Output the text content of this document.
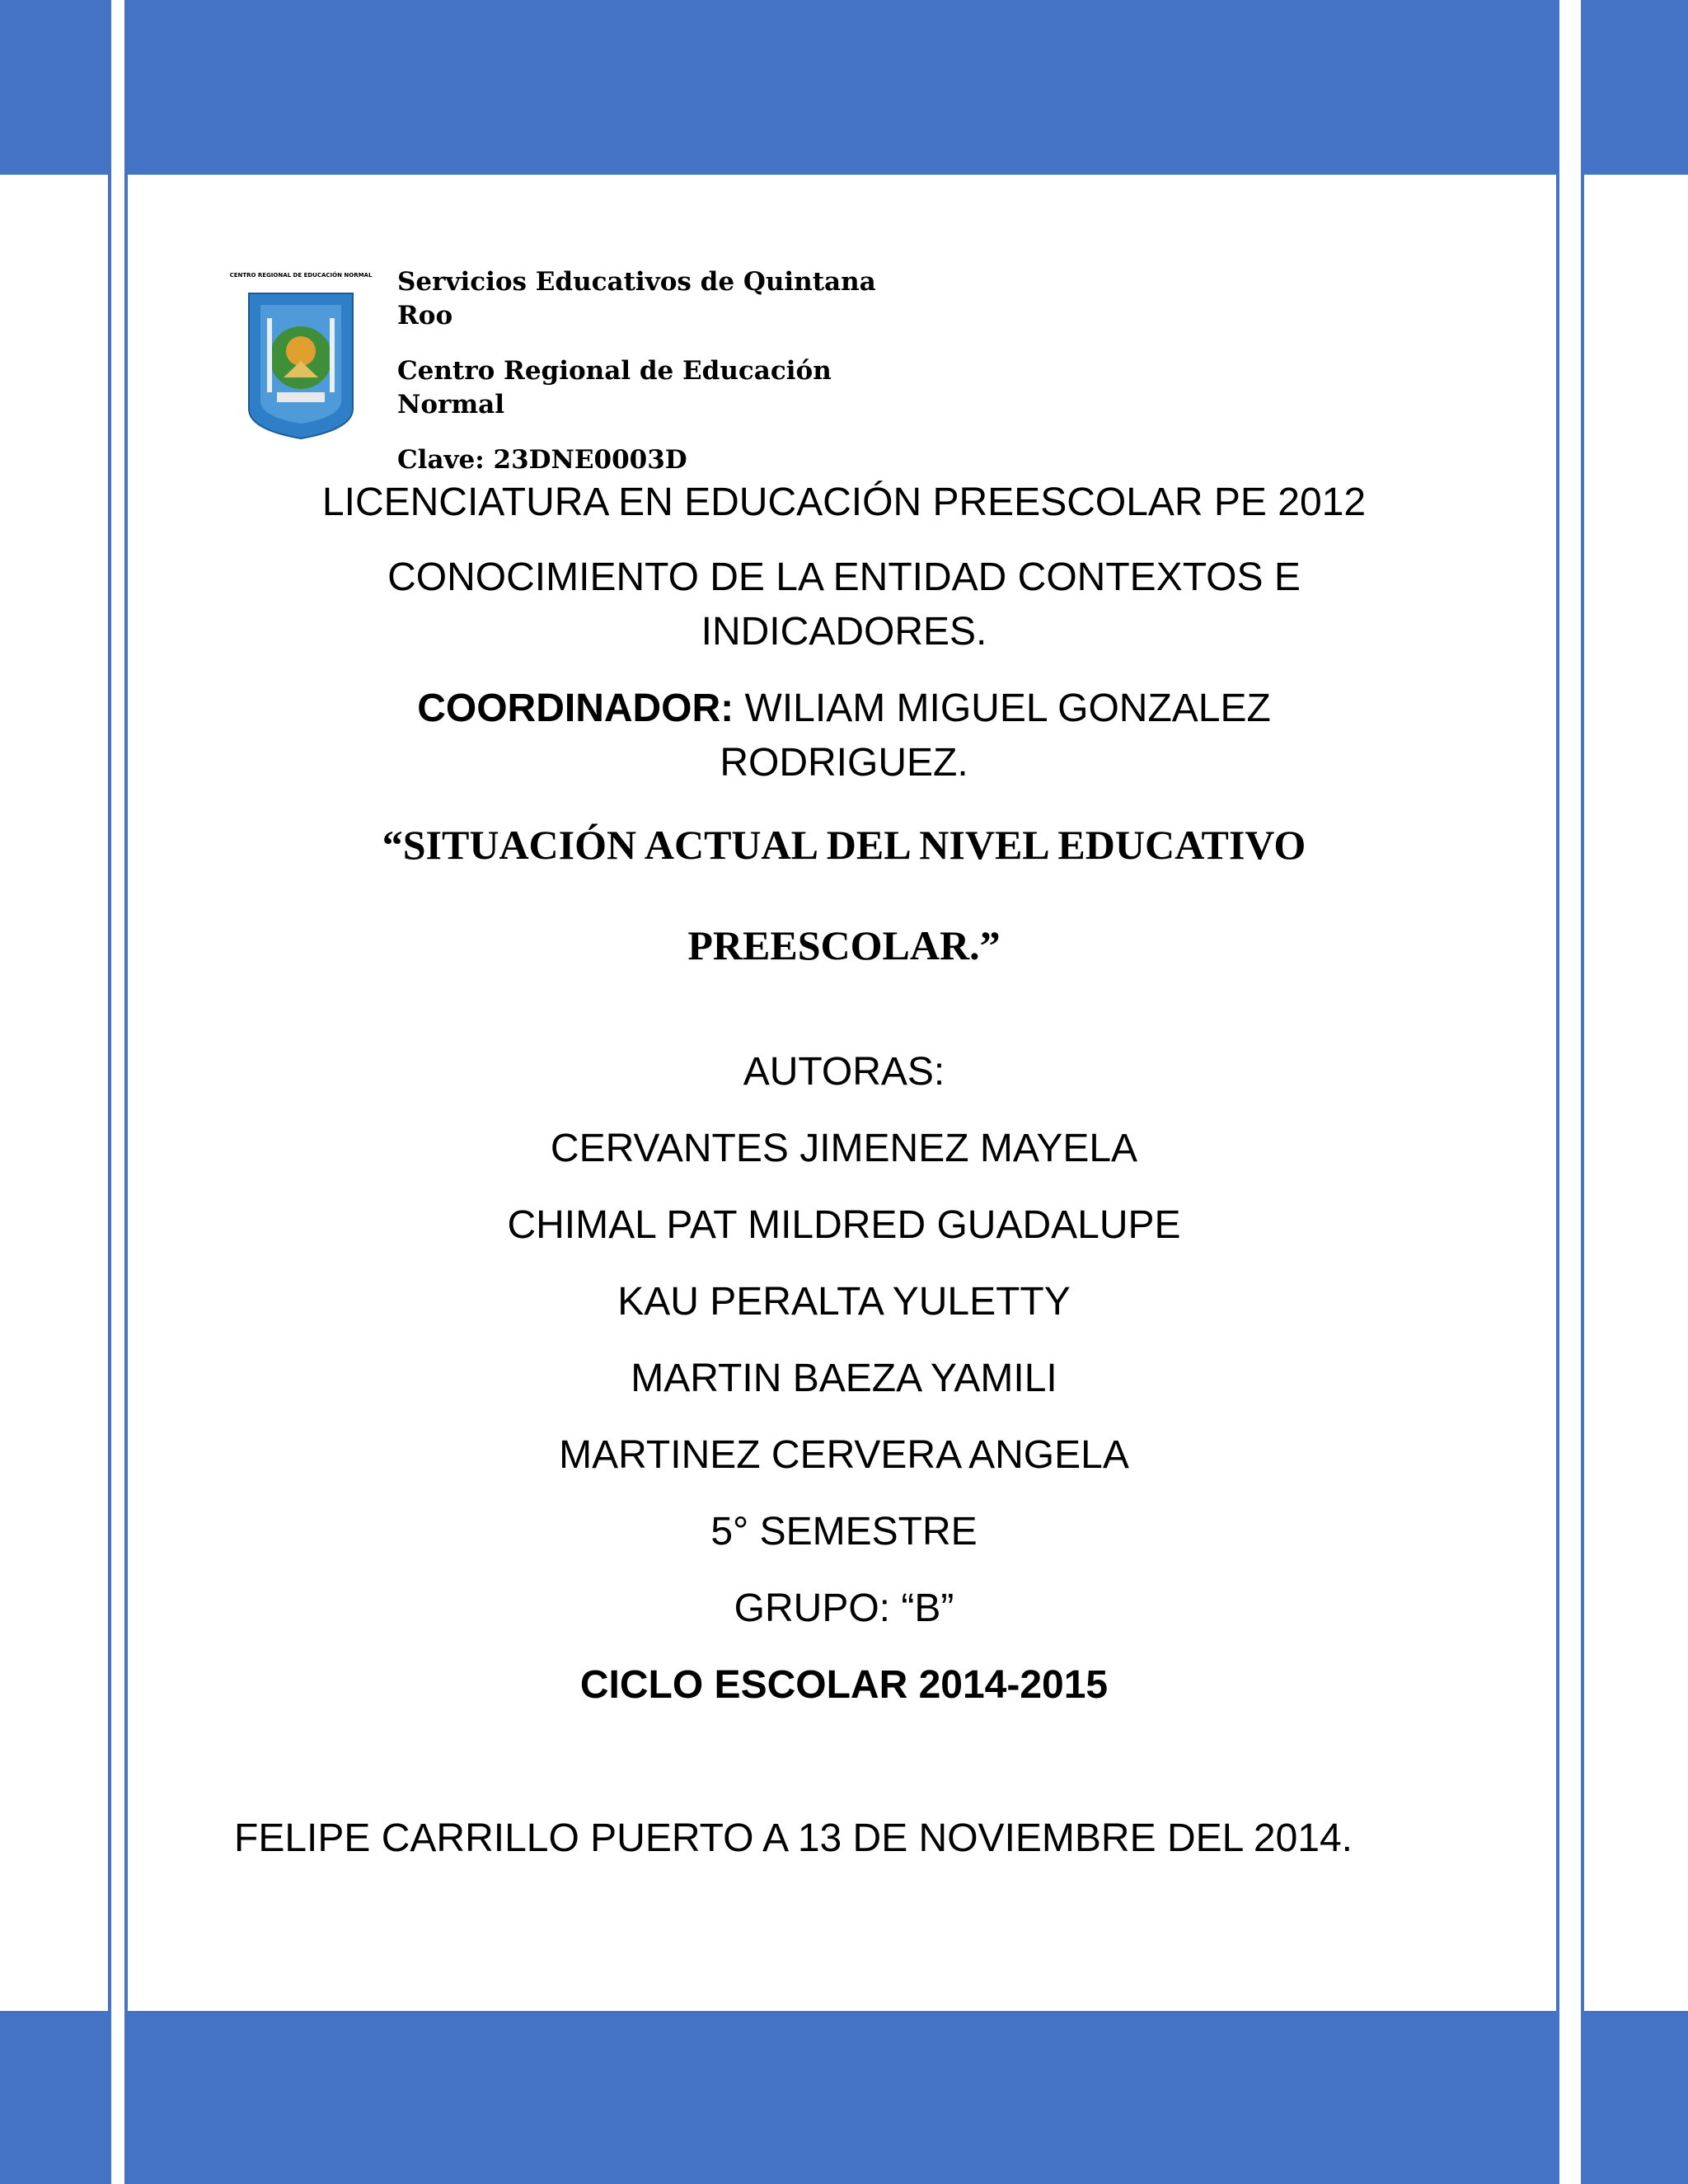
CENTRO REGIONAL DE EDUCACIÓN NORMAL Servicios Educativos de Quintana Roo

Centro Regional de Educación Normal

Clave: 23DNE0003D

LICENCIATURA EN EDUCACIÓN PREESCOLAR PE 2012
CONOCIMIENTO DE LA ENTIDAD CONTEXTOS E INDICADORES.
COORDINADOR: WILIAM MIGUEL GONZALEZ RODRIGUEZ.
“SITUACIÓN ACTUAL DEL NIVEL EDUCATIVO
PREESCOLAR.”
AUTORAS:
CERVANTES JIMENEZ MAYELA
CHIMAL PAT MILDRED GUADALUPE
KAU PERALTA YULETTY
MARTIN BAEZA YAMILI
MARTINEZ CERVERA ANGELA
5° SEMESTRE
GRUPO: “B”
CICLO ESCOLAR 2014-2015
FELIPE CARRILLO PUERTO A 13 DE NOVIEMBRE DEL 2014.
